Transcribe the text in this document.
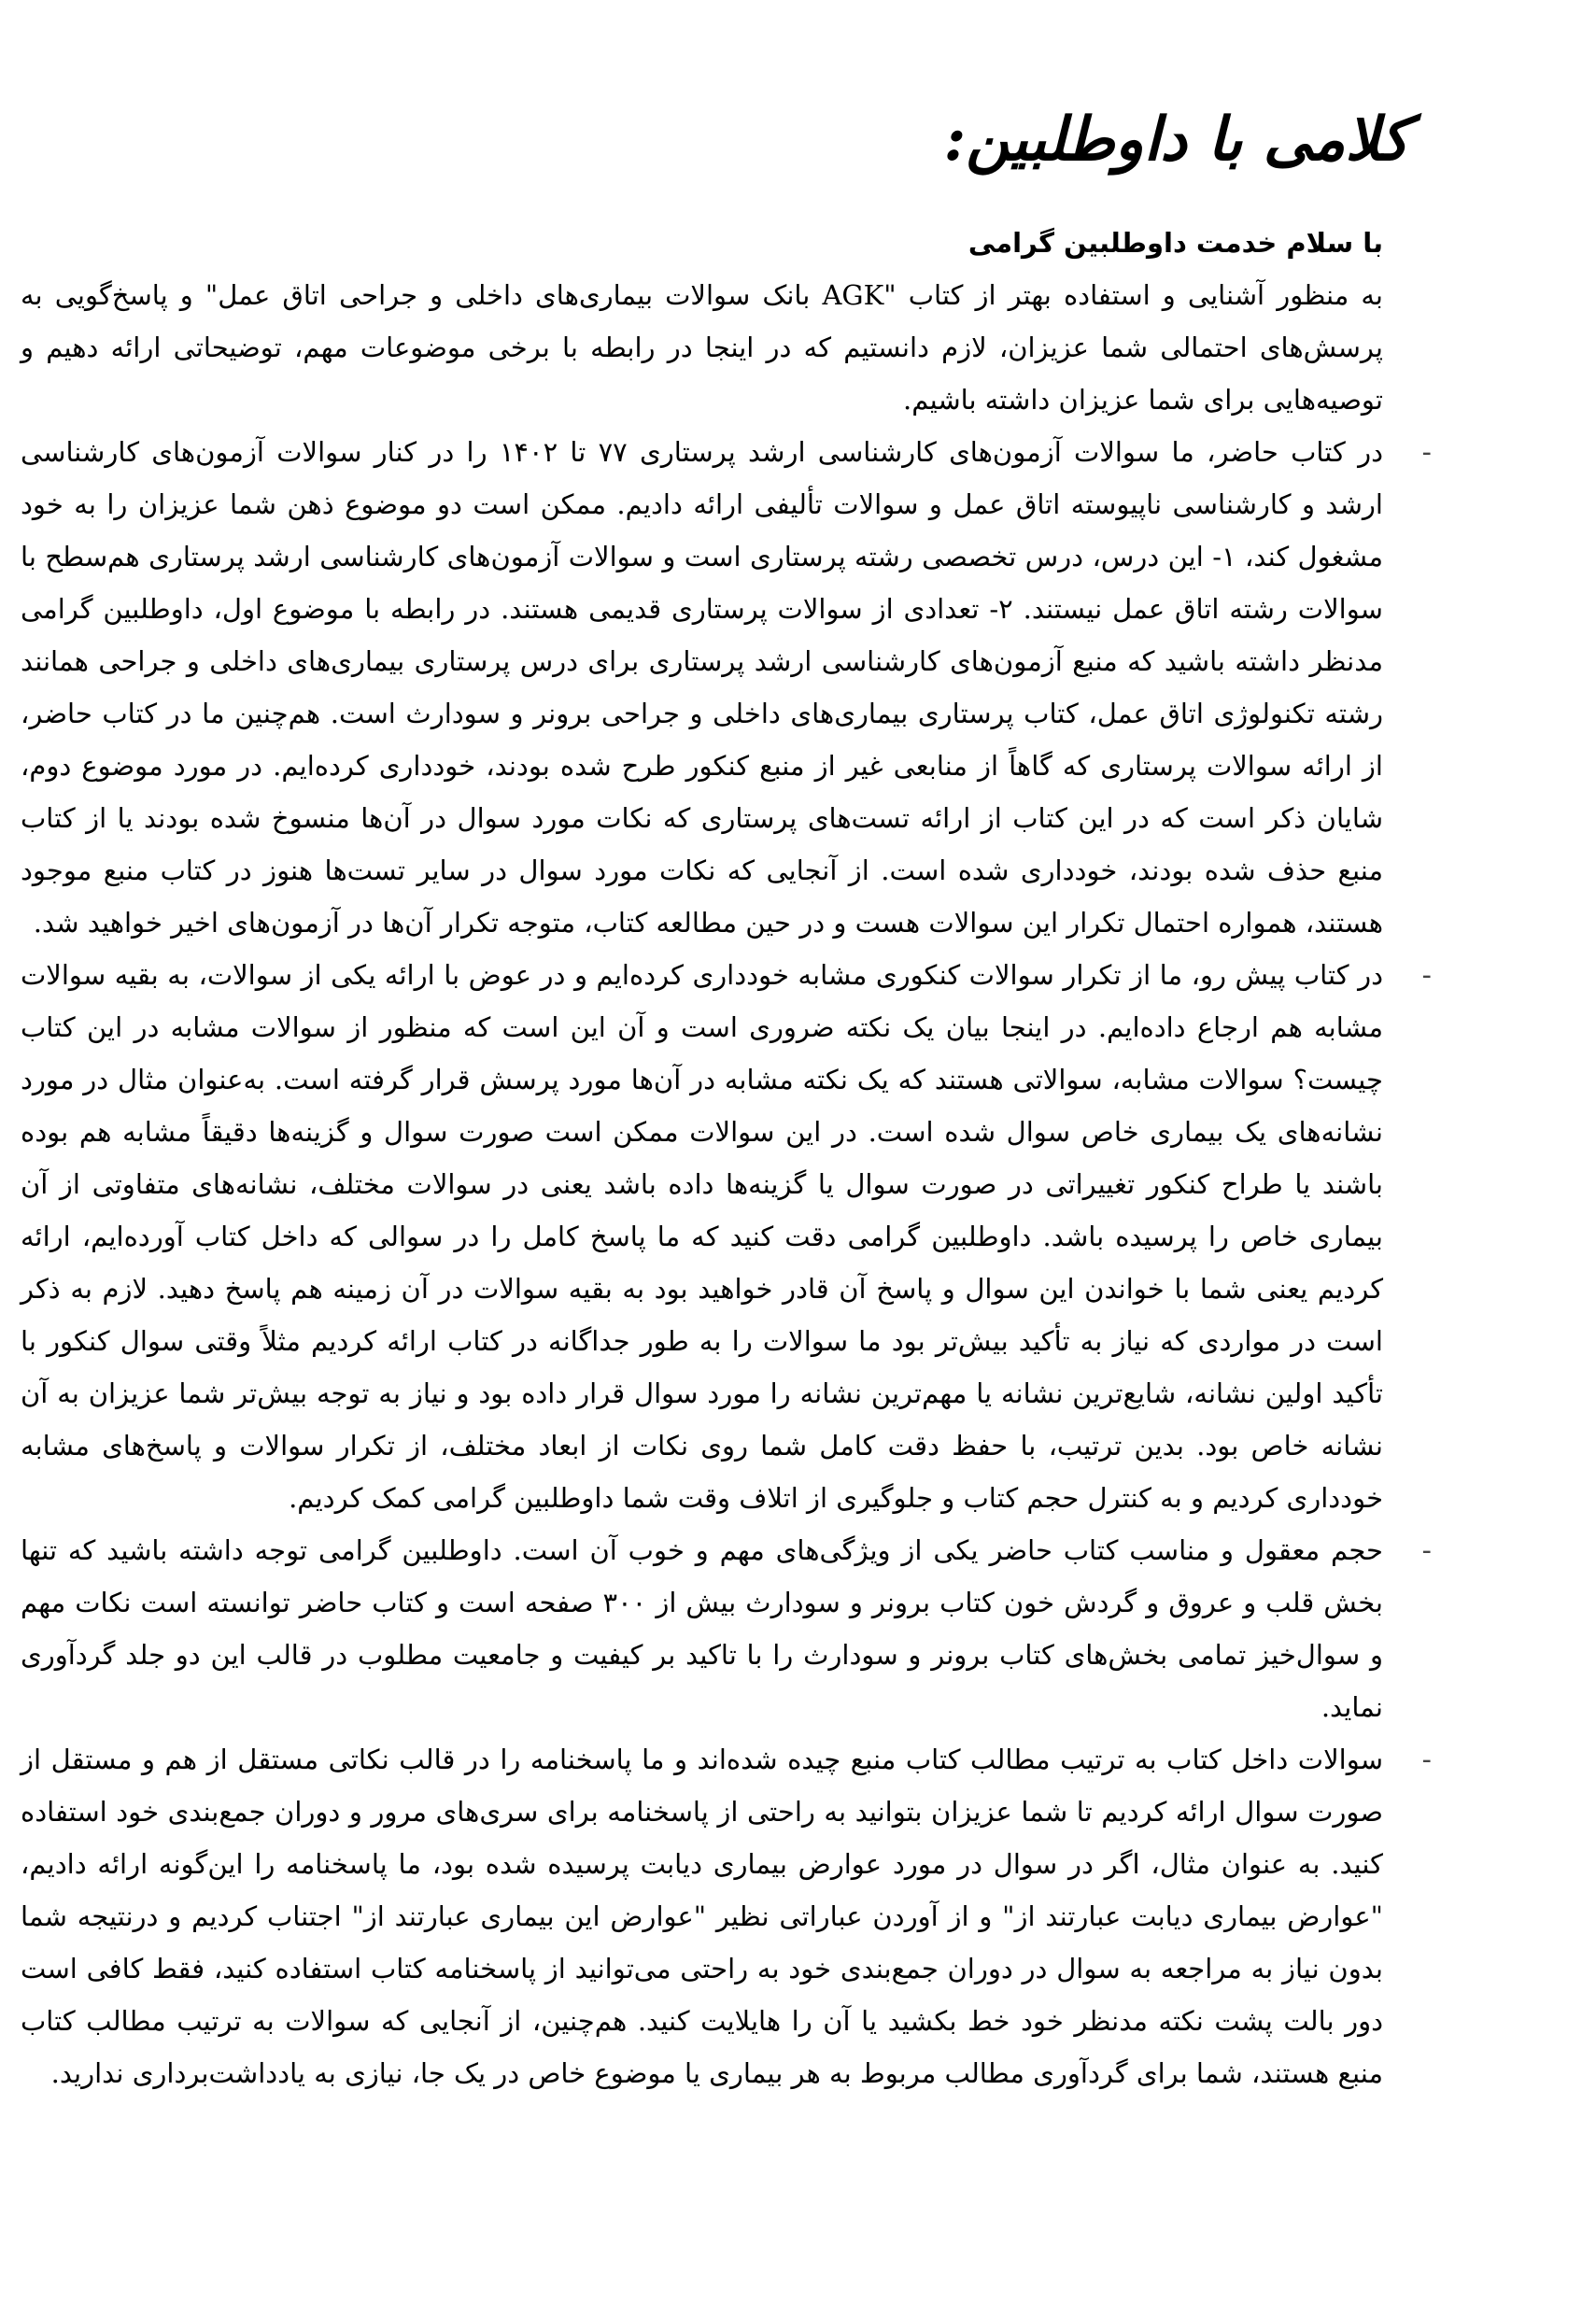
کلامی با داوطلبین:

با سلام خدمت داوطلبین گرامی

به منظور آشنایی و استفاده بهتر از کتاب "AGK بانک سوالات بیماری‌های داخلی و جراحی اتاق عمل" و پاسخ‌گویی به پرسش‌های احتمالی شما عزیزان، لازم دانستیم که در اینجا در رابطه با برخی موضوعات مهم، توضیحاتی ارائه دهیم و توصیه‌هایی برای شما عزیزان داشته باشیم.

-
در کتاب حاضر، ما سوالات آزمون‌های کارشناسی ارشد پرستاری ۷۷ تا ۱۴۰۲ را در کنار سوالات آزمون‌های کارشناسی ارشد و کارشناسی ناپیوسته اتاق عمل و سوالات تألیفی ارائه دادیم. ممکن است دو موضوع ذهن شما عزیزان را به خود مشغول کند، ۱- این درس، درس تخصصی رشته پرستاری است و سوالات آزمون‌های کارشناسی ارشد پرستاری هم‌سطح با سوالات رشته اتاق عمل نیستند. ۲- تعدادی از سوالات پرستاری قدیمی هستند. در رابطه با موضوع اول، داوطلبین گرامی مدنظر داشته باشید که منبع آزمون‌های کارشناسی ارشد پرستاری برای درس پرستاری بیماری‌های داخلی و جراحی همانند رشته تکنولوژی اتاق عمل، کتاب پرستاری بیماری‌های داخلی و جراحی برونر و سودارث است. هم‌چنین ما در کتاب حاضر، از ارائه سوالات پرستاری که گاهاً از منابعی غیر از منبع کنکور طرح شده بودند، خودداری کرده‌ایم. در مورد موضوع دوم، شایان ذکر است که در این کتاب از ارائه تست‌های پرستاری که نکات مورد سوال در آن‌ها منسوخ شده بودند یا از کتاب منبع حذف شده بودند، خودداری شده است. از آنجایی که نکات مورد سوال در سایر تست‌ها هنوز در کتاب منبع موجود هستند، همواره احتمال تکرار این سوالات هست و در حین مطالعه کتاب، متوجه تکرار آن‌ها در آزمون‌های اخیر خواهید شد.
-
در کتاب پیش رو، ما از تکرار سوالات کنکوری مشابه خودداری کرده‌ایم و در عوض با ارائه یکی از سوالات، به بقیه سوالات مشابه هم ارجاع داده‌ایم. در اینجا بیان یک نکته ضروری است و آن این است که منظور از سوالات مشابه در این کتاب چیست؟ سوالات مشابه، سوالاتی هستند که یک نکته مشابه در آن‌ها مورد پرسش قرار گرفته است. به‌عنوان مثال در مورد نشانه‌های یک بیماری خاص سوال شده است. در این سوالات ممکن است صورت سوال و گزینه‌ها دقیقاً مشابه هم بوده باشند یا طراح کنکور تغییراتی در صورت سوال یا گزینه‌ها داده باشد یعنی در سوالات مختلف، نشانه‌های متفاوتی از آن بیماری خاص را پرسیده باشد. داوطلبین گرامی دقت کنید که ما پاسخ کامل را در سوالی که داخل کتاب آورده‌ایم، ارائه کردیم یعنی شما با خواندن این سوال و پاسخ آن قادر خواهید بود به بقیه سوالات در آن زمینه هم پاسخ دهید. لازم به ذکر است در مواردی که نیاز به تأکید بیش‌تر بود ما سوالات را به طور جداگانه در کتاب ارائه کردیم مثلاً وقتی سوال کنکور با تأکید اولین نشانه، شایع‌ترین نشانه یا مهم‌ترین نشانه را مورد سوال قرار داده بود و نیاز به توجه بیش‌تر شما عزیزان به آن نشانه خاص بود. بدین ترتیب، با حفظ دقت کامل شما روی نکات از ابعاد مختلف، از تکرار سوالات و پاسخ‌های مشابه خودداری کردیم و به کنترل حجم کتاب و جلوگیری از اتلاف وقت شما داوطلبین گرامی کمک کردیم.
-
حجم معقول و مناسب کتاب حاضر یکی از ویژگی‌های مهم و خوب آن است. داوطلبین گرامی توجه داشته باشید که تنها بخش قلب و عروق و گردش خون کتاب برونر و سودارث بیش از ۳۰۰ صفحه است و کتاب حاضر توانسته است نکات مهم و سوال‌خیز تمامی بخش‌های کتاب برونر و سودارث را با تاکید بر کیفیت و جامعیت مطلوب در قالب این دو جلد گردآوری نماید.
-
سوالات داخل کتاب به ترتیب مطالب کتاب منبع چیده شده‌اند و ما پاسخنامه را در قالب نکاتی مستقل از هم و مستقل از صورت سوال ارائه کردیم تا شما عزیزان بتوانید به راحتی از پاسخنامه برای سری‌های مرور و دوران جمع‌بندی خود استفاده کنید. به عنوان مثال، اگر در سوال در مورد عوارض بیماری دیابت پرسیده شده بود، ما پاسخنامه را این‌گونه ارائه دادیم، "عوارض بیماری دیابت عبارتند از" و از آوردن عباراتی نظیر "عوارض این بیماری عبارتند از" اجتناب کردیم و درنتیجه شما بدون نیاز به مراجعه به سوال در دوران جمع‌بندی خود به راحتی می‌توانید از پاسخنامه کتاب استفاده کنید، فقط کافی است دور بالت پشت نکته مدنظر خود خط بکشید یا آن را هایلایت کنید. هم‌چنین، از آنجایی که سوالات به ترتیب مطالب کتاب منبع هستند، شما برای گردآوری مطالب مربوط به هر بیماری یا موضوع خاص در یک جا، نیازی به یادداشت‌برداری ندارید.
